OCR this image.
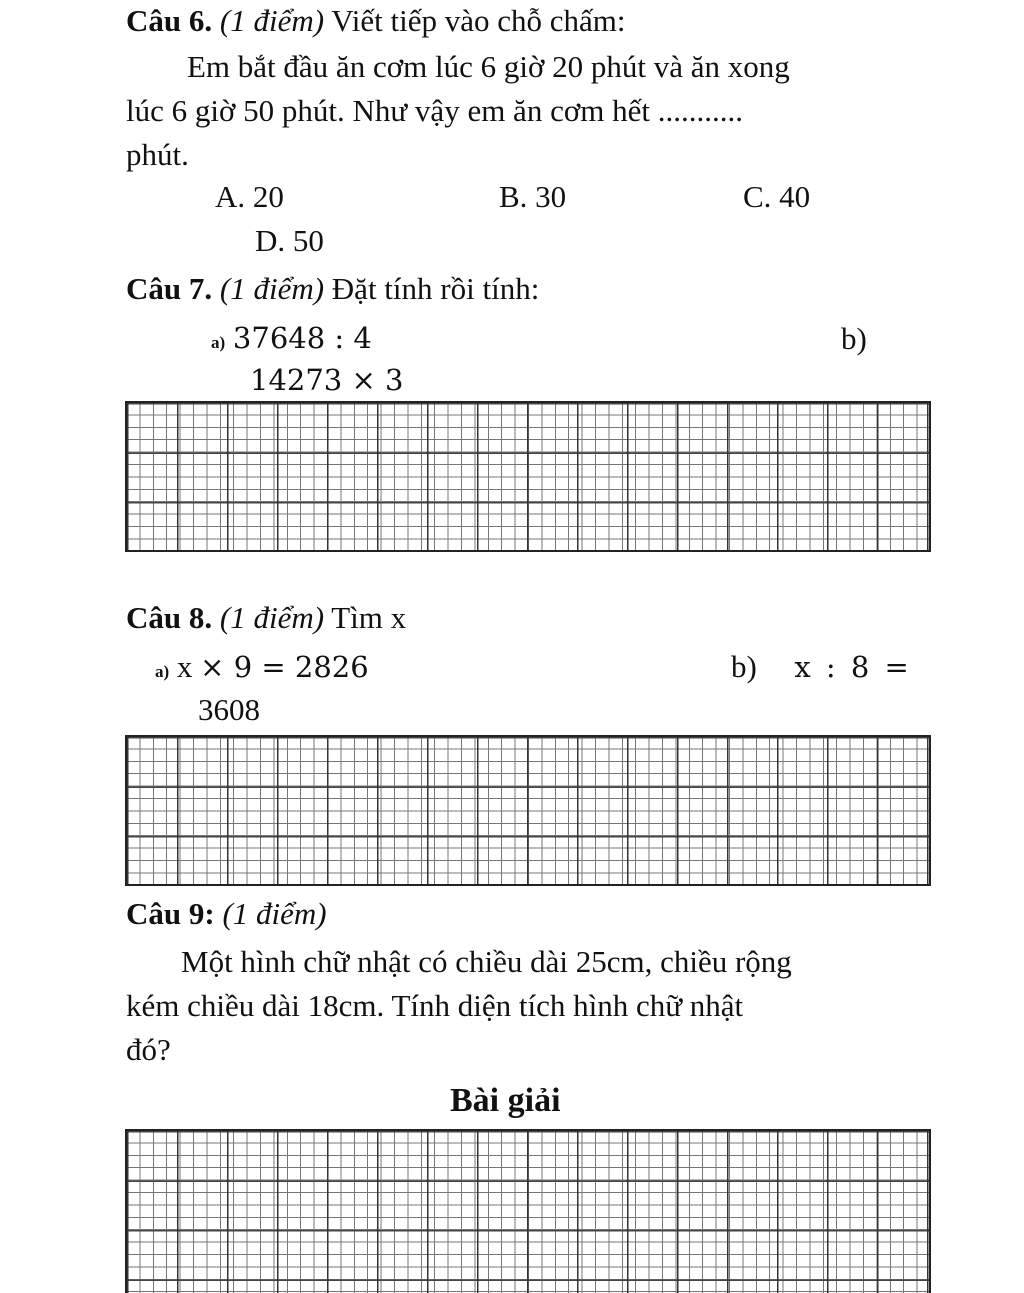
Câu 6. (1 điểm) Viết tiếp vào chỗ chấm:
Em bắt đầu ăn cơm lúc 6 giờ 20 phút và ăn xong
lúc 6 giờ 50 phút. Như vậy em ăn cơm hết ...........
phút.
A. 20	B. 30	C. 40
D. 50
Câu 7. (1 điểm) Đặt tính rồi tính:
a) 37648 : 4	b)
14273 × 3
Câu 8. (1 điểm) Tìm x
a) x × 9 = 2826	b) x : 8 =
3608
Câu 9: (1 điểm)
Một hình chữ nhật có chiều dài 25cm, chiều rộng
kém chiều dài 18cm. Tính diện tích hình chữ nhật
đó?
Bài giải
